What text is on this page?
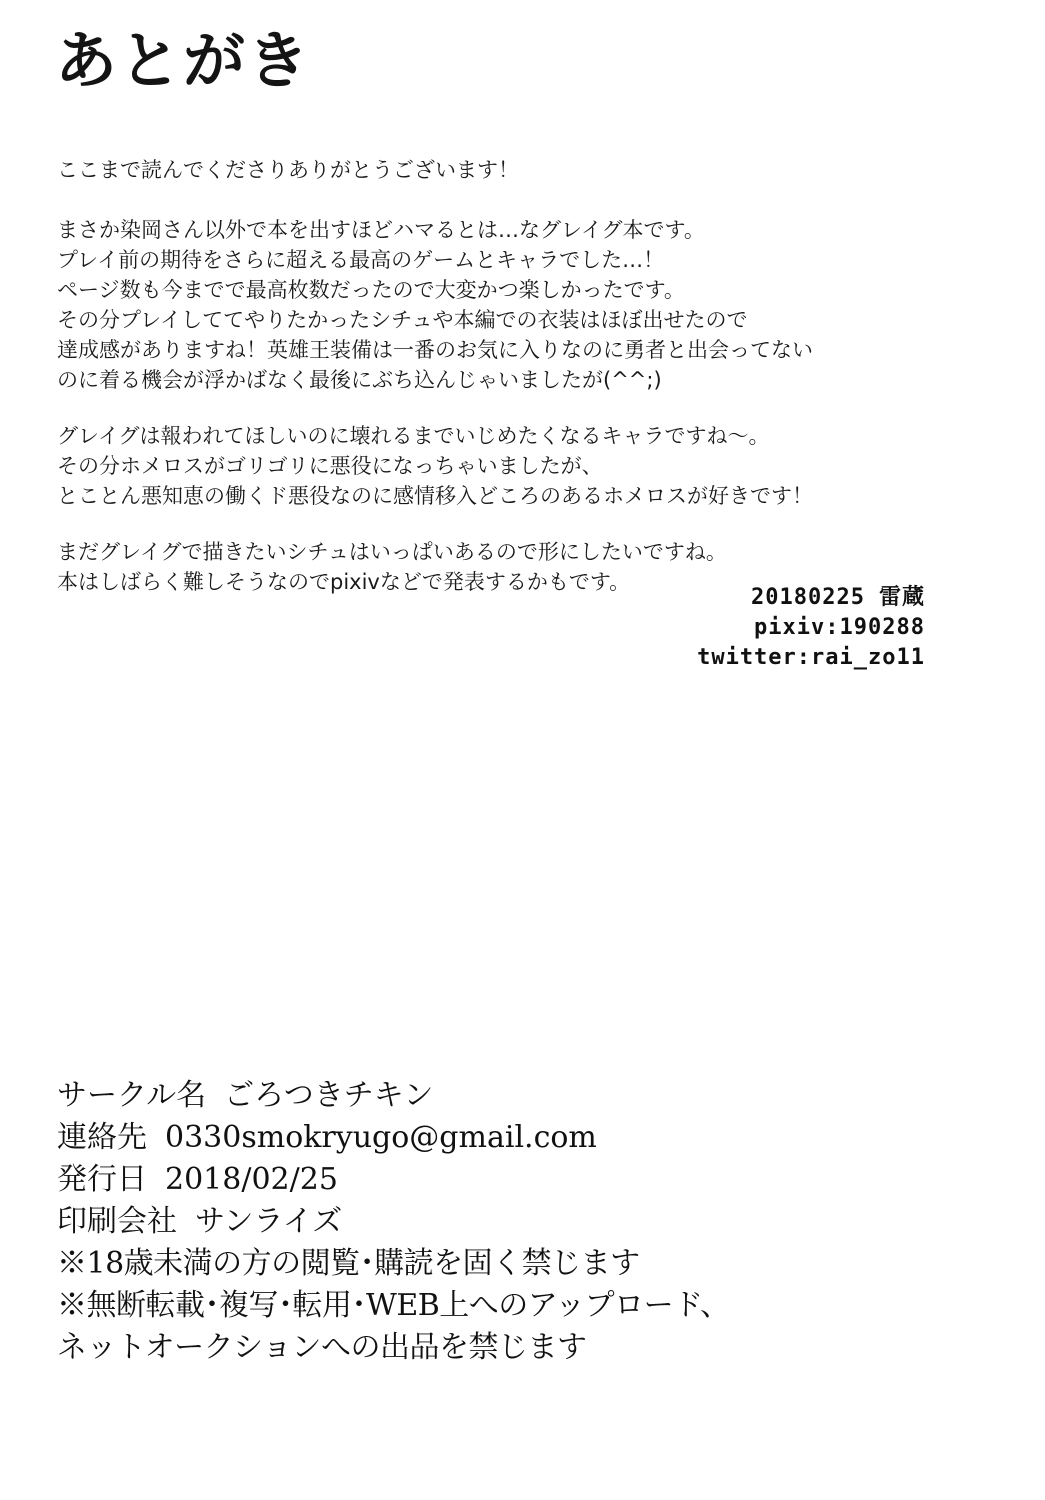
あとがき
ここまで読んでくださりありがとうございます！
まさか染岡さん以外で本を出すほどハマるとは…なグレイグ本です。
プレイ前の期待をさらに超える最高のゲームとキャラでした…！
ページ数も今までで最高枚数だったので大変かつ楽しかったです。
その分プレイしててやりたかったシチュや本編での衣装はほぼ出せたので
達成感がありますね！英雄王装備は一番のお気に入りなのに勇者と出会ってない
のに着る機会が浮かばなく最後にぶち込んじゃいましたが(^^;)
グレイグは報われてほしいのに壊れるまでいじめたくなるキャラですね～。
その分ホメロスがゴリゴリに悪役になっちゃいましたが、
とことん悪知恵の働くド悪役なのに感情移入どころのあるホメロスが好きです！
まだグレイグで描きたいシチュはいっぱいあるので形にしたいですね。
本はしばらく難しそうなのでpixivなどで発表するかもです。
20180225 雷蔵
pixiv:190288
twitter:rai_zo11
サークル名 ごろつきチキン
連絡先 0330smokryugo@gmail.com
発行日 2018/02/25
印刷会社 サンライズ
※18歳未満の方の閲覧･購読を固く禁じます
※無断転載･複写･転用･WEB上へのアップロード、
ネットオークションへの出品を禁じます
